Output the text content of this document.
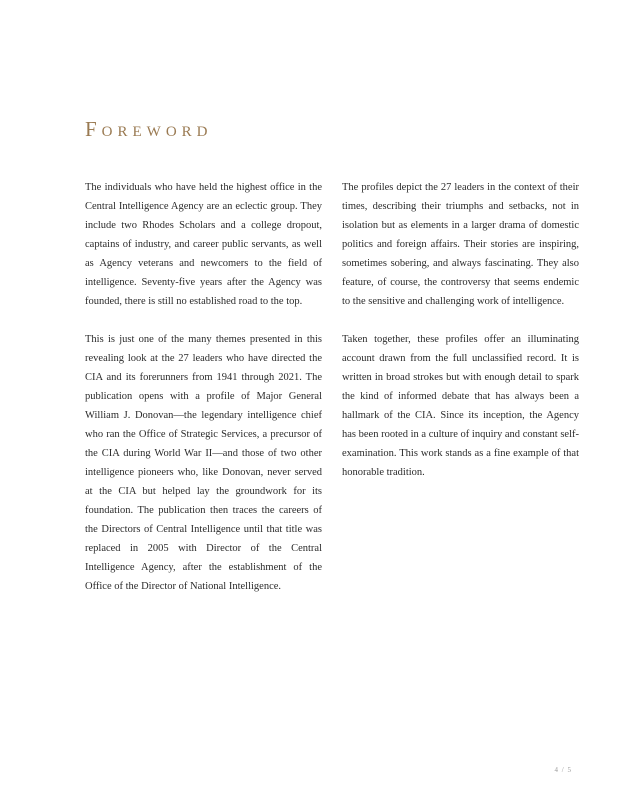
Foreword

The individuals who have held the highest office in the Central Intelligence Agency are an eclectic group. They include two Rhodes Scholars and a college dropout, captains of industry, and career public servants, as well as Agency veterans and newcomers to the field of intelligence. Seventy-five years after the Agency was founded, there is still no established road to the top.

This is just one of the many themes presented in this revealing look at the 27 leaders who have directed the CIA and its forerunners from 1941 through 2021. The publication opens with a profile of Major General William J. Donovan—the legendary intelligence chief who ran the Office of Strategic Services, a precursor of the CIA during World War II—and those of two other intelligence pioneers who, like Donovan, never served at the CIA but helped lay the groundwork for its foundation. The publication then traces the careers of the Directors of Central Intelligence until that title was replaced in 2005 with Director of the Central Intelligence Agency, after the establishment of the Office of the Director of National Intelligence.

The profiles depict the 27 leaders in the context of their times, describing their triumphs and setbacks, not in isolation but as elements in a larger drama of domestic politics and foreign affairs. Their stories are inspiring, sometimes sobering, and always fascinating. They also feature, of course, the controversy that seems endemic to the sensitive and challenging work of intelligence.

Taken together, these profiles offer an illuminating account drawn from the full unclassified record. It is written in broad strokes but with enough detail to spark the kind of informed debate that has always been a hallmark of the CIA. Since its inception, the Agency has been rooted in a culture of inquiry and constant self-examination. This work stands as a fine example of that honorable tradition.

4 / 5
